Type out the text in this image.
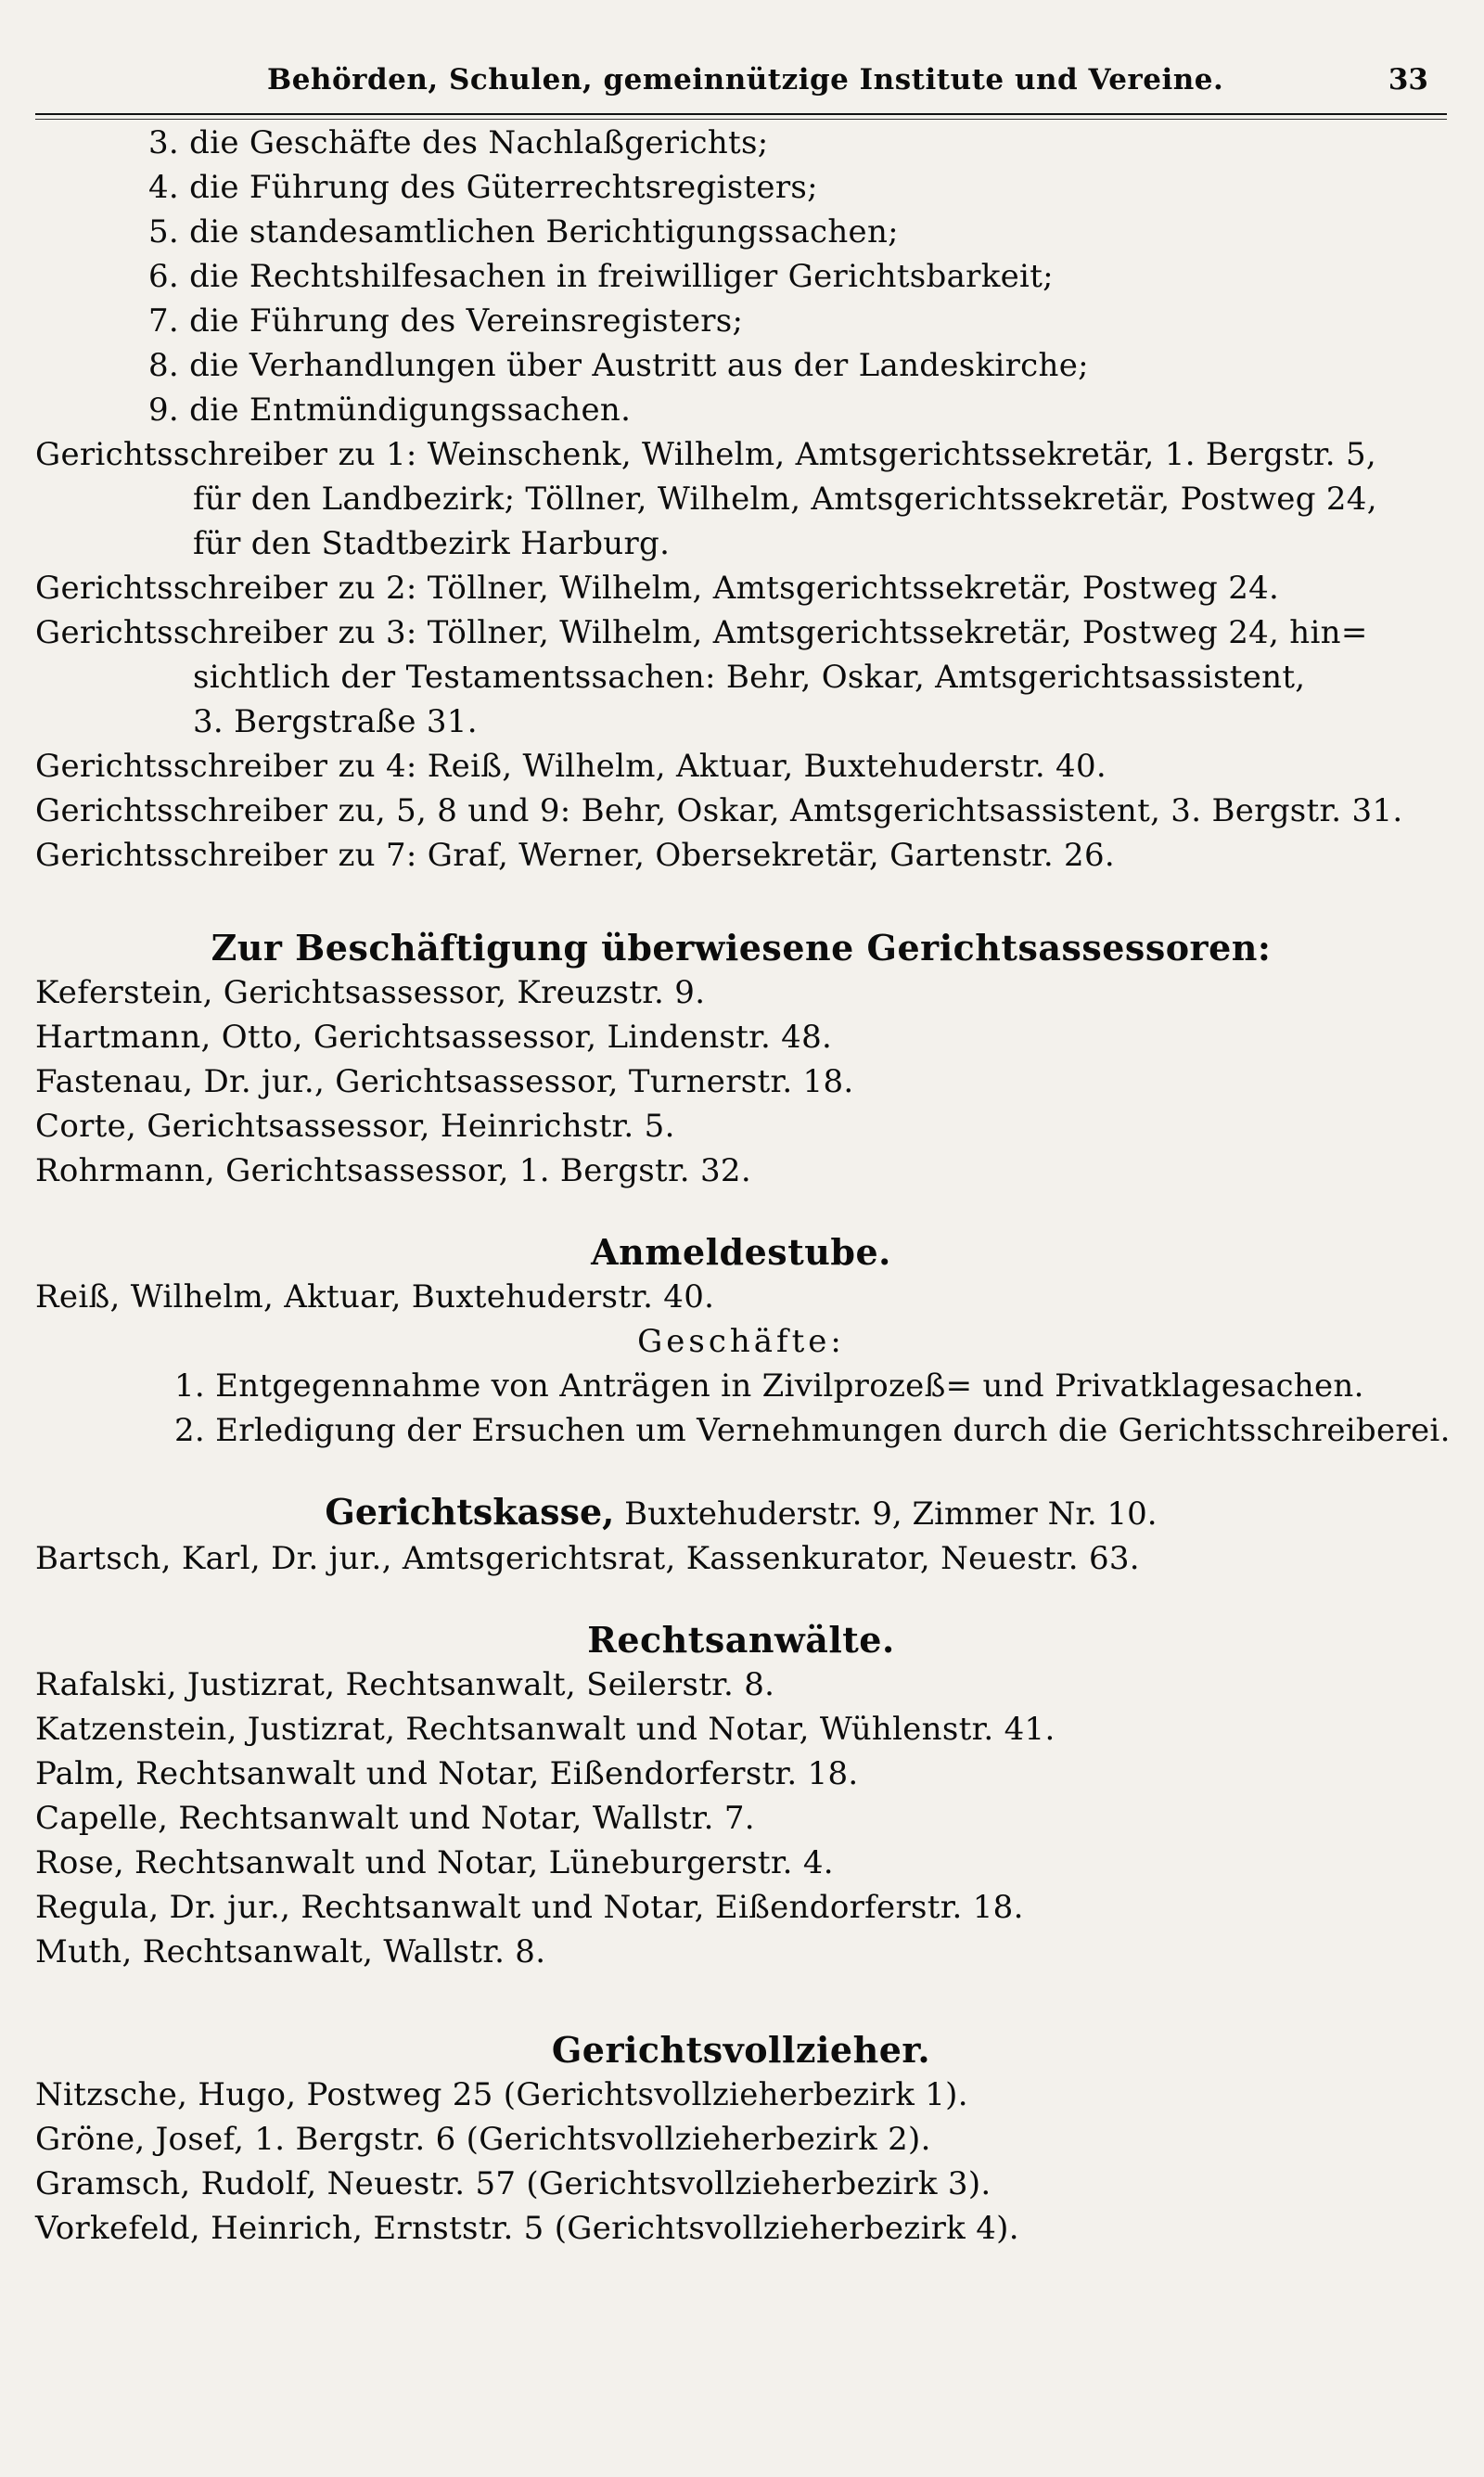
Behörden, Schulen, gemeinnützige Institute und Vereine.	33
3. die Geschäfte des Nachlaßgerichts;
4. die Führung des Güterrechtsregisters;
5. die standesamtlichen Berichtigungssachen;
6. die Rechtshilfesachen in freiwilliger Gerichtsbarkeit;
7. die Führung des Vereinsregisters;
8. die Verhandlungen über Austritt aus der Landeskirche;
9. die Entmündigungssachen.
Gerichtsschreiber zu 1: Weinschenk, Wilhelm, Amtsgerichtssekretär, 1. Bergstr. 5,
für den Landbezirk; Töllner, Wilhelm, Amtsgerichtssekretär, Postweg 24,
für den Stadtbezirk Harburg.
Gerichtsschreiber zu 2: Töllner, Wilhelm, Amtsgerichtssekretär, Postweg 24.
Gerichtsschreiber zu 3: Töllner, Wilhelm, Amtsgerichtssekretär, Postweg 24, hin=
sichtlich der Testamentssachen: Behr, Oskar, Amtsgerichtsassistent,
3. Bergstraße 31.
Gerichtsschreiber zu 4: Reiß, Wilhelm, Aktuar, Buxtehuderstr. 40.
Gerichtsschreiber zu, 5, 8 und 9: Behr, Oskar, Amtsgerichtsassistent, 3. Bergstr. 31.
Gerichtsschreiber zu 7: Graf, Werner, Obersekretär, Gartenstr. 26.
Zur Beschäftigung überwiesene Gerichtsassessoren:
Keferstein, Gerichtsassessor, Kreuzstr. 9.
Hartmann, Otto, Gerichtsassessor, Lindenstr. 48.
Fastenau, Dr. jur., Gerichtsassessor, Turnerstr. 18.
Corte, Gerichtsassessor, Heinrichstr. 5.
Rohrmann, Gerichtsassessor, 1. Bergstr. 32.
Anmeldestube.
Reiß, Wilhelm, Aktuar, Buxtehuderstr. 40.
Geschäfte:
1. Entgegennahme von Anträgen in Zivilprozeß= und Privatklagesachen.
2. Erledigung der Ersuchen um Vernehmungen durch die Gerichtsschreiberei.
Gerichtskasse, Buxtehuderstr. 9, Zimmer Nr. 10.
Bartsch, Karl, Dr. jur., Amtsgerichtsrat, Kassenkurator, Neuestr. 63.
Rechtsanwälte.
Rafalski, Justizrat, Rechtsanwalt, Seilerstr. 8.
Katzenstein, Justizrat, Rechtsanwalt und Notar, Wühlenstr. 41.
Palm, Rechtsanwalt und Notar, Eißendorferstr. 18.
Capelle, Rechtsanwalt und Notar, Wallstr. 7.
Rose, Rechtsanwalt und Notar, Lüneburgerstr. 4.
Regula, Dr. jur., Rechtsanwalt und Notar, Eißendorferstr. 18.
Muth, Rechtsanwalt, Wallstr. 8.
Gerichtsvollzieher.
Nitzsche, Hugo, Postweg 25 (Gerichtsvollzieherbezirk 1).
Gröne, Josef, 1. Bergstr. 6 (Gerichtsvollzieherbezirk 2).
Gramsch, Rudolf, Neuestr. 57 (Gerichtsvollzieherbezirk 3).
Vorkefeld, Heinrich, Ernststr. 5 (Gerichtsvollzieherbezirk 4).
